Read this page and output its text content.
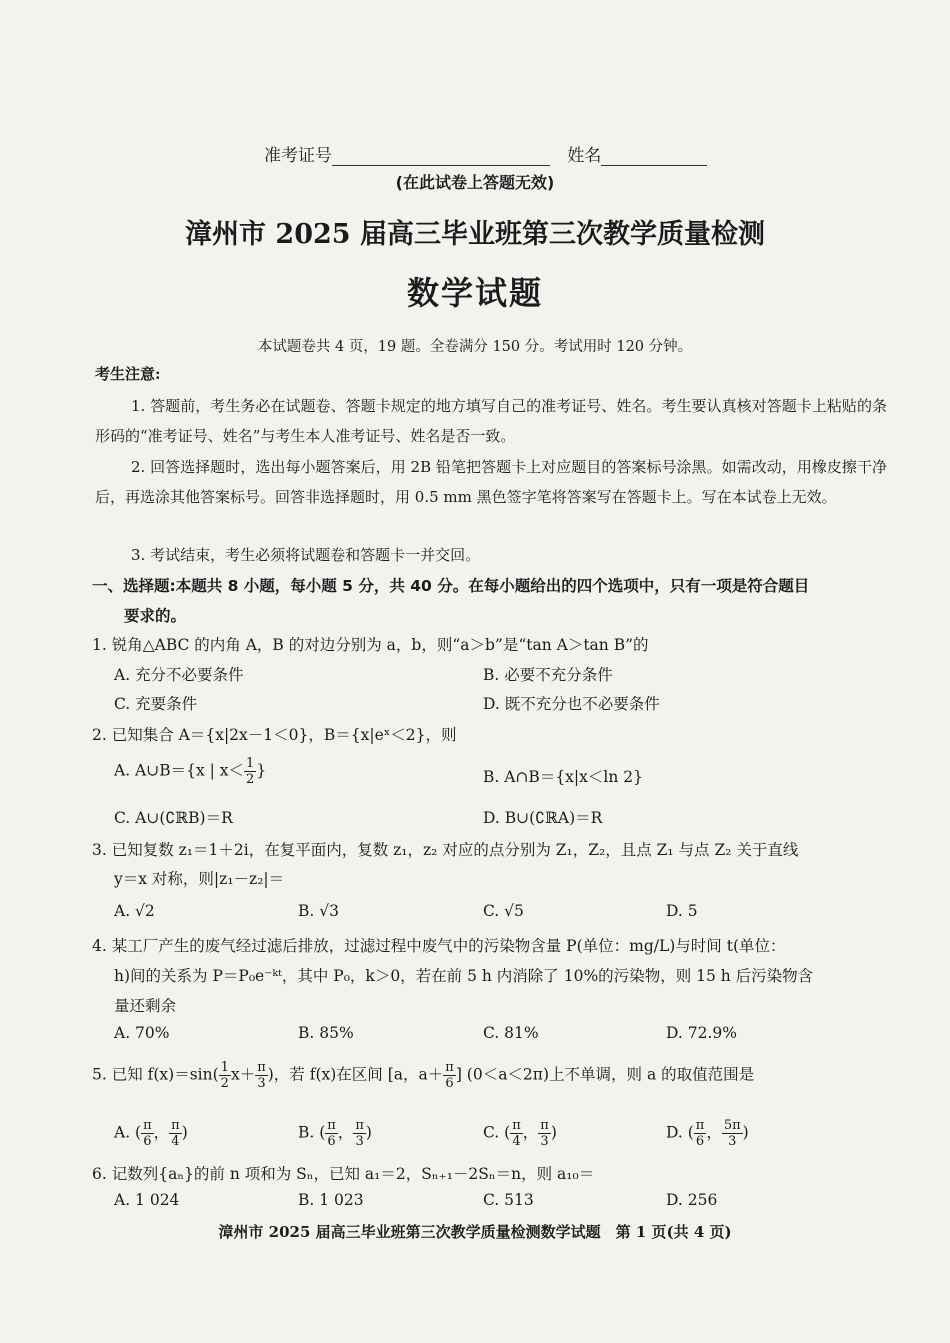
准考证号	姓名
(在此试卷上答题无效)
漳州市 2025 届高三毕业班第三次教学质量检测
数学试题
本试题卷共 4 页，19 题。全卷满分 150 分。考试用时 120 分钟。
考生注意:

1. 答题前，考生务必在试题卷、答题卡规定的地方填写自己的准考证号、姓名。考生要认真核对答题卡上粘贴的条形码的“准考证号、姓名”与考生本人准考证号、姓名是否一致。

2. 回答选择题时，选出每小题答案后，用 2B 铅笔把答题卡上对应题目的答案标号涂黑。如需改动，用橡皮擦干净后，再选涂其他答案标号。回答非选择题时，用 0.5 mm 黑色签字笔将答案写在答题卡上。写在本试卷上无效。

3. 考试结束，考生必须将试题卷和答题卡一并交回。

一、选择题:本题共 8 小题，每小题 5 分，共 40 分。在每小题给出的四个选项中，只有一项是符合题目
要求的。
1. 锐角△ABC 的内角 A，B 的对边分别为 a，b，则“a＞b”是“tan A＞tan B”的
A. 充分不必要条件	B. 必要不充分条件
C. 充要条件	D. 既不充分也不必要条件
2. 已知集合 A＝{x|2x－1＜0}，B＝{x|eˣ＜2}，则
A. A∪B＝{x | $x< \frac{1}{2}$ }	B. A∩B＝{x|x＜ln 2}
C. A∪(∁ℝB)＝R	D. B∪(∁ℝA)＝R
3. 已知复数 z₁＝1＋2i，在复平面内，复数 z₁，z₂ 对应的点分别为 Z₁，Z₂，且点 Z₁ 与点 Z₂ 关于直线
y＝x 对称，则|z₁－z₂|＝
A. √2	B. √3	C. √5	D. 5
4. 某工厂产生的废气经过滤后排放，过滤过程中废气中的污染物含量 P(单位：mg/L)与时间 t(单位：
h)间的关系为 P＝P₀e⁻ᵏᵗ，其中 P₀，k＞0，若在前 5 h 内消除了 10%的污染物，则 15 h 后污染物含
量还剩余
A. 70%	B. 85%	C. 81%	D. 72.9%
5. 已知 $f(x)=\sin( \frac{1}{2} x+ \frac{\pi}{3}$ )，若 f(x)在区间 [a，$a+ \frac{\pi}{6}$ ] (0＜a＜2π)上不单调，则 a 的取值范围是
A. ( $\frac{\pi}{6}$ ， $\frac{\pi}{4}$ )	B. ( $\frac{\pi}{6}$ ， $\frac{\pi}{3}$ )	C. ( $\frac{\pi}{4}$ ， $\frac{\pi}{3}$ )	D. ( $\frac{\pi}{6}$ ， $\frac{5\pi}{3}$ )
6. 记数列{aₙ}的前 n 项和为 Sₙ，已知 a₁＝2，Sₙ₊₁－2Sₙ＝n，则 a₁₀＝
A. 1 024	B. 1 023	C. 513	D. 256
漳州市 2025 届高三毕业班第三次教学质量检测数学试题　第 1 页(共 4 页)
